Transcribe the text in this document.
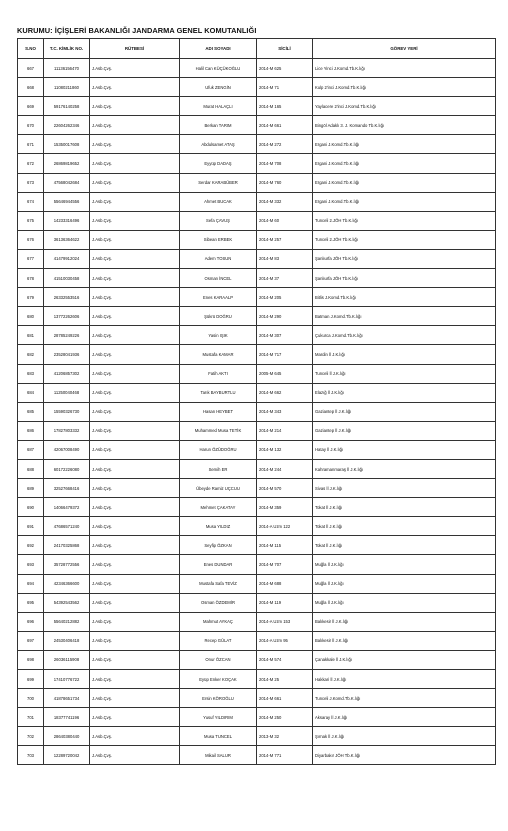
KURUMU: İÇİŞLERİ BAKANLIĞI JANDARMA GENEL KOMUTANLIĞI
S.NO	T.C. KİMLİK NO.	RÜTBESİ	ADI SOYADI	SİCİLİ	GÖREV YERİ
667	11136156470	J.Asb.Çvş.	Halil Can KÜÇÜKOĞLU	2014-M 625	Lice Yinci J.Komd.Tb.K.lığı
668	11080211860	J.Asb.Çvş.	Ufuk ZENGİN	2014-M 71	Kulp 2'inci J.Komd.Tb.K.lığı
669	59176140258	J.Asb.Çvş.	Murat HALAÇLI	2014-M 165	Yaylacere 2'inci J.Komd.Tb.K.lığı
670	22604262346	J.Asb.Çvş.	Berkan TARIM	2014-M 661	Bingöl Adaklı 3. J. Komando Tb.K.lığı
671	15350017608	J.Asb.Çvş.	Abdulsamet ATAŞ	2014-M 272	Ergani J.Komd.Tb.K.lığı
672	26869819652	J.Asb.Çvş.	Eyyüp DADAŞ	2014-M 708	Ergani J.Komd.Tb.K.lığı
673	47568042684	J.Asb.Çvş.	Serdar KARABÜBER	2014-M 760	Ergani J.Komd.Tb.K.lığı
674	55646944556	J.Asb.Çvş.	Ahmet BUCAK	2014-M 332	Ergani J.Komd.Tb.K.lığı
675	14233316496	J.Asb.Çvş.	Sefa ÇAVUŞ	2014-M 60	Tunceli 2.JÖH Tb.K.lığı
676	36136364622	J.Asb.Çvş.	Sibean ERBEK	2014-M 257	Tunceli 2.JÖH Tb.K.lığı
677	41479912024	J.Asb.Çvş.	Adem TOSUN	2014-M 83	Şanlıurfa JÖH Tb.K.lığı
678	41510030458	J.Asb.Çvş.	Osman İNCEL	2014-M 37	Şanlıurfa JÖH Tb.K.lığı
679	26332553516	J.Asb.Çvş.	Enes KARAALP	2014-M 205	Bitlis J.Komd.Tb.K.lığı
680	13772262606	J.Asb.Çvş.	Şükrü DOĞRU	2014-M 290	Batman J.Komd.Tb.K.lığı
681	28785249226	J.Asb.Çvş.	Yasin IŞIK	2014-M 307	Çukurca J.Komd.Tb.K.lığı
682	23528041936	J.Asb.Çvş.	Mustafa KAMAR	2014-M 717	Mardin İl J.K.lığı
683	41206857302	J.Asb.Çvş.	Fatih AKTI	2005-M 645	Tunceli İl J.K.lığı
684	11250040468	J.Asb.Çvş.	Tarık BAYBURTLU	2014-M 662	Elazığ İl J.K.lığı
685	15590326730	J.Asb.Çvş.	Hasan HEYBET	2014-M 343	Gaziantep İl J.K.lığı
686	17827803332	J.Asb.Çvş.	Muhammed Musa TETİK	2014-M 214	Gaziantep İl J.K.lığı
687	42067008490	J.Asb.Çvş.	Harun ÖZÜDOĞRU	2014-M 132	Hatay İl J.K.lığı
688	60172226080	J.Asb.Çvş.	Semih ER	2014-M 244	Kahramanmaraş İl J.K.lığı
689	32527668416	J.Asb.Çvş.	Übeyde Ramiz UÇCUU	2014-M 570	Sivas İl J.K.lığı
690	14066479372	J.Asb.Çvş.	Mehmet ÇAKATAY	2014-M 359	Tokat İl J.K.lığı
691	47686571240	J.Asb.Çvş.	Musa YILDIZ	2014-A Uzm 122	Tokat İl J.K.lığı
692	24170325868	J.Asb.Çvş.	Seyfip ÖZKAN	2014-M 115	Tokat İl J.K.lığı
693	35728772556	J.Asb.Çvş.	Enes DUNDAR	2014-M 707	Muğla İl J.K.lığı
694	42346366600	J.Asb.Çvş.	Mustafa Safa TEVİZ	2014-M 688	Muğla İl J.K.lığı
695	54392543562	J.Asb.Çvş.	Osman ÖZDEMİR	2014-M 119	Muğla İl J.K.lığı
696	55640212882	J.Asb.Çvş.	Mahmut AYKAÇ	2014-A Uzm 153	Balıkesir İl J.K.lığı
697	24530406418	J.Asb.Çvş.	Recep GÜLAT	2014-A Uzm 95	Balıkesir İl J.K.lığı
698	26036115908	J.Asb.Çvş.	Onur ÖZCAN	2014-M 574	Çanakkale İl J.K.lığı
699	17410776722	J.Asb.Çvş.	Eyüp Enker KOÇAK	2014-M 25	Hakkari İl J.K.lığı
700	41878651734	J.Asb.Çvş.	Ersin KÖROĞLU	2014-M 661	Tunceli J.Komd.Tb.K.lığı
701	18377741196	J.Asb.Çvş.	Yusuf YILDIRIM	2014-M 250	Aksaray İl J.K.lığı
702	28640380440	J.Asb.Çvş.	Musa TUNCEL	2013-M 32	Şırnak İl J.K.lığı
703	12289720042	J.Asb.Çvş.	Mikail SALUR	2014-M 771	Diyarbakır JÖH Tb.K.lığı
